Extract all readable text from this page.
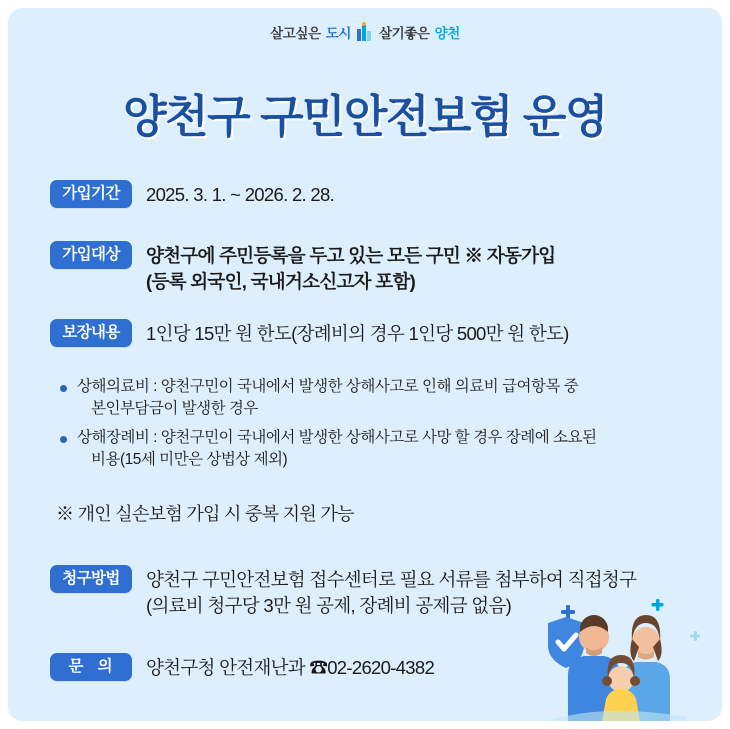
살고싶은 도시 살기좋은 양천
양천구 구민안전보험 운영
가입기간	2025. 3. 1. ~ 2026. 2. 28.
가입대상	양천구에 주민등록을 두고 있는 모든 구민 ※ 자동가입
(등록 외국인, 국내거소신고자 포함)
보장내용	1인당 15만 원 한도(장례비의 경우 1인당 500만 원 한도)
상해의료비 : 양천구민이 국내에서 발생한 상해사고로 인해 의료비 급여항목 중
본인부담금이 발생한 경우
상해장례비 : 양천구민이 국내에서 발생한 상해사고로 사망 할 경우 장례에 소요된
비용(15세 미만은 상법상 제외)
※ 개인 실손보험 가입 시 중복 지원 가능
청구방법	양천구 구민안전보험 접수센터로 필요 서류를 첨부하여 직접청구
(의료비 청구당 3만 원 공제, 장례비 공제금 없음)
문 의	양천구청 안전재난과 ☎02-2620-4382
